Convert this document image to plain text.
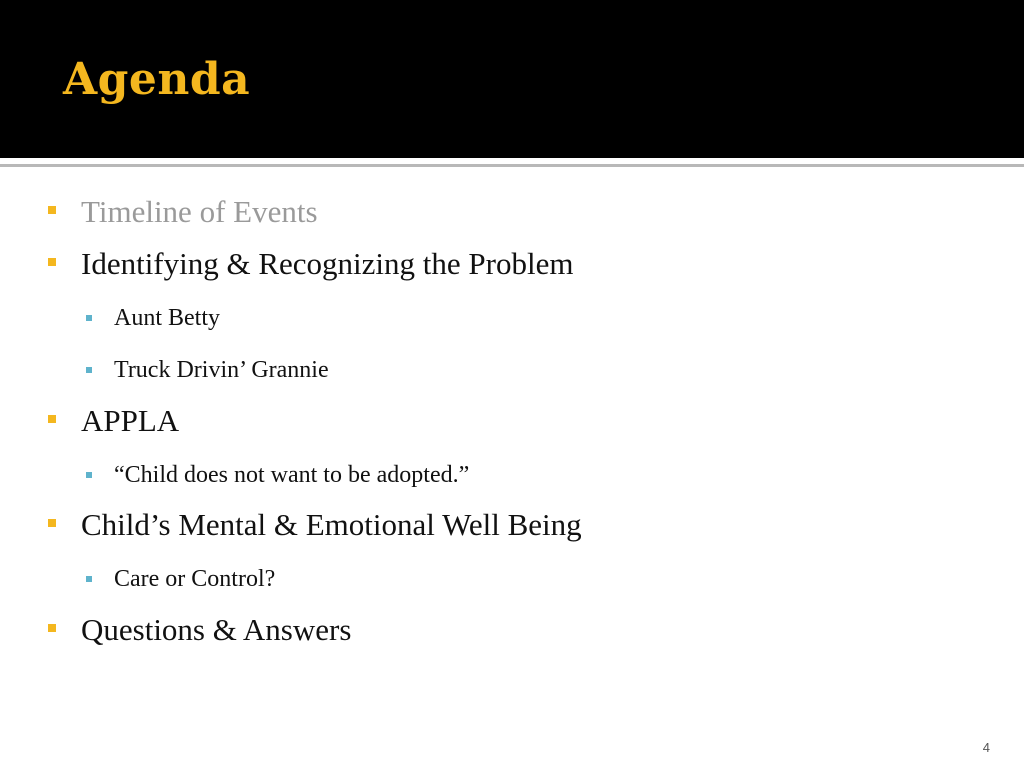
Agenda
Timeline of Events
Identifying & Recognizing the Problem
Aunt Betty
Truck Drivin’ Grannie
APPLA
“Child does not want to be adopted.”
Child’s Mental & Emotional Well Being
Care or Control?
Questions & Answers
4
